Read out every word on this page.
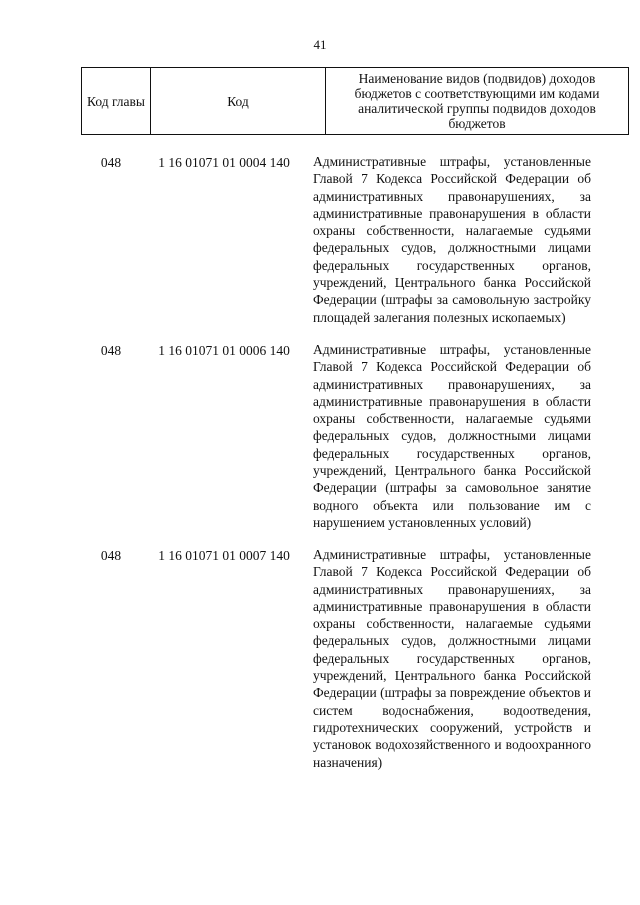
41
Код главы	Код	Наименование видов (подвидов) доходов бюджетов с соответствующими им кодами аналитической группы подвидов доходов бюджетов
048	1 16 01071 01 0004 140	Административные штрафы, установленные Главой 7 Кодекса Российской Федерации об административных правонарушениях, за административные правонарушения в области охраны собственности, налагаемые судьями федеральных судов, должностными лицами федеральных государственных органов, учреждений, Центрального банка Российской Федерации (штрафы за самовольную застройку площадей залегания полезных ископаемых)
048	1 16 01071 01 0006 140	Административные штрафы, установленные Главой 7 Кодекса Российской Федерации об административных правонарушениях, за административные правонарушения в области охраны собственности, налагаемые судьями федеральных судов, должностными лицами федеральных государственных органов, учреждений, Центрального банка Российской Федерации (штрафы за самовольное занятие водного объекта или пользование им с нарушением установленных условий)
048	1 16 01071 01 0007 140	Административные штрафы, установленные Главой 7 Кодекса Российской Федерации об административных правонарушениях, за административные правонарушения в области охраны собственности, налагаемые судьями федеральных судов, должностными лицами федеральных государственных органов, учреждений, Центрального банка Российской Федерации (штрафы за повреждение объектов и систем водоснабжения, водоотведения, гидротехнических сооружений, устройств и установок водохозяйственного и водоохранного назначения)
